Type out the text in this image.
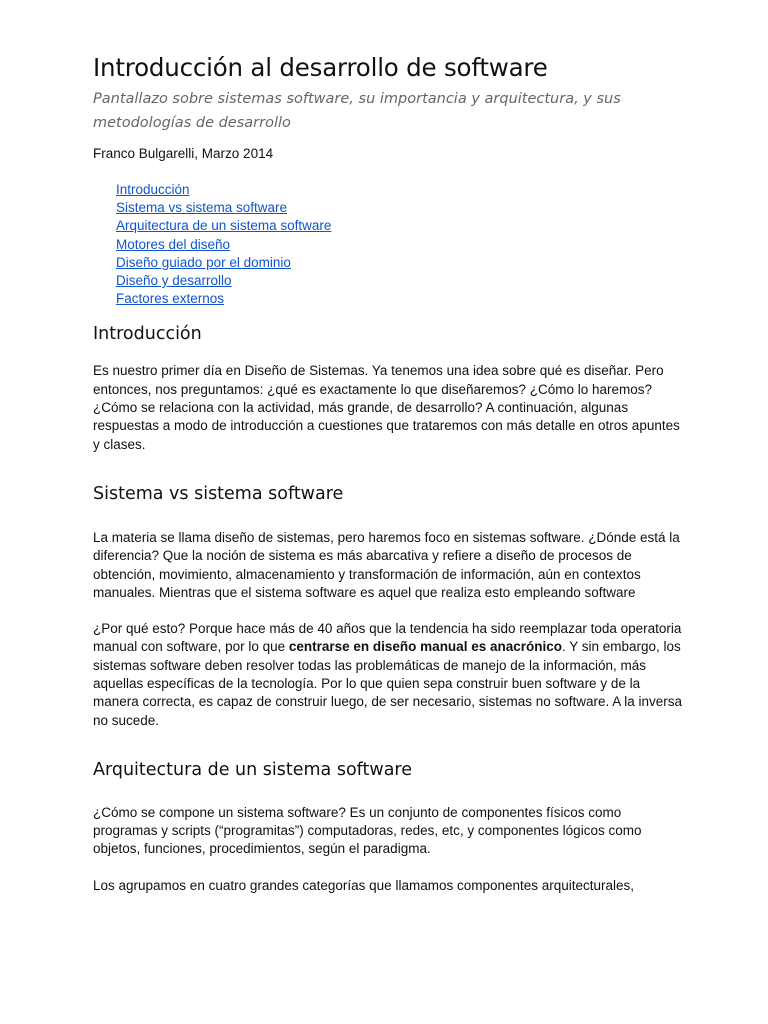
Introducción al desarrollo de software
Pantallazo sobre sistemas software, su importancia y arquitectura, y sus metodologías de desarrollo
Franco Bulgarelli, Marzo 2014
Introducción
Sistema vs sistema software
Arquitectura de un sistema software
Motores del diseño
Diseño guiado por el dominio
Diseño y desarrollo
Factores externos
Introducción

Es nuestro primer día en Diseño de Sistemas. Ya tenemos una idea sobre qué es diseñar. Pero entonces, nos preguntamos: ¿qué es exactamente lo que diseñaremos? ¿Cómo lo haremos? ¿Cómo se relaciona con la actividad, más grande, de desarrollo? A continuación, algunas respuestas a modo de introducción a cuestiones que trataremos con más detalle en otros apuntes y clases.

Sistema vs sistema software

La materia se llama diseño de sistemas, pero haremos foco en sistemas software. ¿Dónde está la diferencia? Que la noción de sistema es más abarcativa y refiere a diseño de procesos de obtención, movimiento, almacenamiento y transformación de información, aún en contextos manuales. Mientras que el sistema software es aquel que realiza esto empleando software

¿Por qué esto? Porque hace más de 40 años que la tendencia ha sido reemplazar toda operatoria manual con software, por lo que centrarse en diseño manual es anacrónico. Y sin embargo, los sistemas software deben resolver todas las problemáticas de manejo de la información, más aquellas específicas de la tecnología. Por lo que quien sepa construir buen software y de la manera correcta, es capaz de construir luego, de ser necesario, sistemas no software. A la inversa no sucede.

Arquitectura de un sistema software

¿Cómo se compone un sistema software? Es un conjunto de componentes físicos como programas y scripts (“programitas”) computadoras, redes, etc, y componentes lógicos como objetos, funciones, procedimientos, según el paradigma.

Los agrupamos en cuatro grandes categorías que llamamos componentes arquitecturales,
